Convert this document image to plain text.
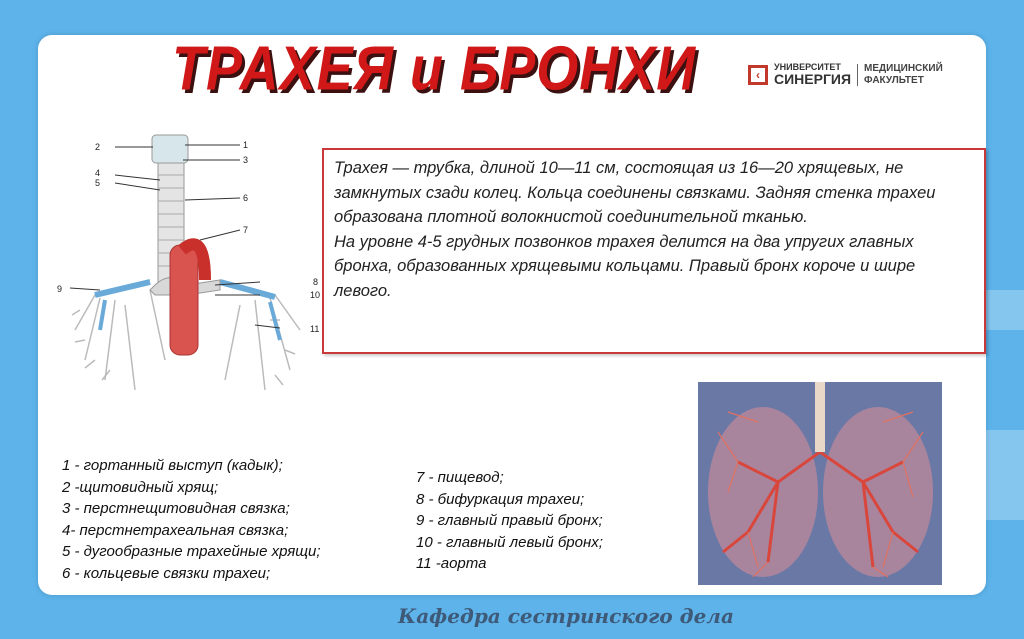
ТРАХЕЯ и БРОНХИ	‹
УНИВЕРСИТЕТ
СИНЕРГИЯ
МЕДИЦИНСКИЙ
ФАКУЛЬТЕТ
1
2
3
4
5
6
7
8
9
10
11

Трахея — трубка, длиной 10—11 см, состоящая из 16—20 хрящевых, не замкнутых сзади колец. Кольца соединены связками. Задняя стенка трахеи образована плотной волокнистой соединительной тканью.

На уровне 4-5 грудных позвонков трахея делится на два упругих главных бронха, образованных хрящевыми кольцами. Правый бронх короче и шире левого.

1 - гортанный выступ (кадык);
2 -щитовидный хрящ;
3 - перстнещитовидная связка;
4- перстнетрахеальная связка;
5 - дугообразные трахейные хрящи;
6 - кольцевые связки трахеи;
7 - пищевод;
8 - бифуркация трахеи;
9 - главный правый бронх;
10 - главный левый бронх;
11 -аорта
Кафедра сестринского дела
